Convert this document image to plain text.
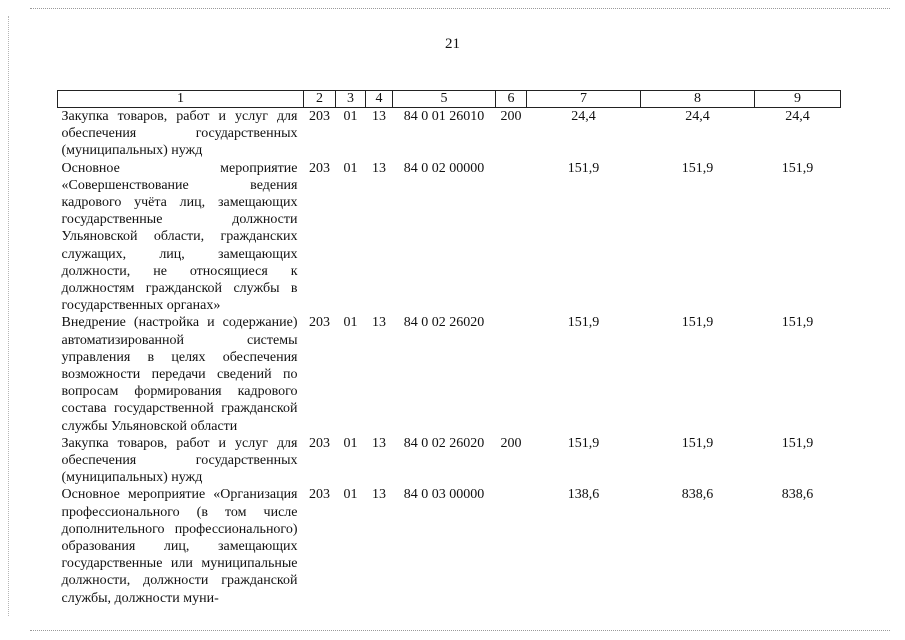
21
1	2	3	4	5	6	7	8	9
Закупка товаров, работ и услуг для обеспечения государственных (муниципальных) нужд	203	01	13	84 0 01 26010	200	24,4	24,4	24,4
Основное мероприятие «Совершенствование ведения кадрового учёта лиц, замещающих государственные должности Ульяновской области, гражданских служащих, лиц, замещающих должности, не относящиеся к должностям гражданской службы в государственных органах»	203	01	13	84 0 02 00000		151,9	151,9	151,9
Внедрение (настройка и содержание) автоматизированной системы управления в целях обеспечения возможности передачи сведений по вопросам формирования кадрового состава государственной гражданской службы Ульяновской области	203	01	13	84 0 02 26020		151,9	151,9	151,9
Закупка товаров, работ и услуг для обеспечения государственных (муниципальных) нужд	203	01	13	84 0 02 26020	200	151,9	151,9	151,9
Основное мероприятие «Организация профессионального (в том числе дополнительного профессионального) образования лиц, замещающих государственные или муниципальные должности, должности гражданской службы, должности муни-	203	01	13	84 0 03 00000		138,6	838,6	838,6
